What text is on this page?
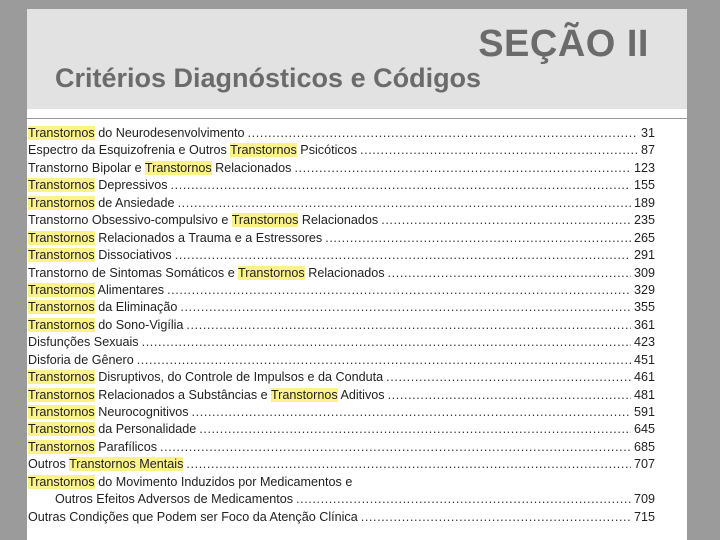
SEÇÃO II
Critérios Diagnósticos e Códigos
Transtornos do Neurodesenvolvimento .....	31
Espectro da Esquizofrenia e Outros Transtornos Psicóticos .....	87
Transtorno Bipolar e Transtornos Relacionados .....	123
Transtornos Depressivos .....	155
Transtornos de Ansiedade .....	189
Transtorno Obsessivo-compulsivo e Transtornos Relacionados .....	235
Transtornos Relacionados a Trauma e a Estressores .....	265
Transtornos Dissociativos .....	291
Transtorno de Sintomas Somáticos e Transtornos Relacionados .....	309
Transtornos Alimentares .....	329
Transtornos da Eliminação .....	355
Transtornos do Sono-Vigília .....	361
Disfunções Sexuais .....	423
Disforia de Gênero .....	451
Transtornos Disruptivos, do Controle de Impulsos e da Conduta .....	461
Transtornos Relacionados a Substâncias e Transtornos Aditivos .....	481
Transtornos Neurocognitivos .....	591
Transtornos da Personalidade .....	645
Transtornos Parafílicos .....	685
Outros Transtornos Mentais .....	707
Transtornos do Movimento Induzidos por Medicamentos e
Outros Efeitos Adversos de Medicamentos .....	709
Outras Condições que Podem ser Foco da Atenção Clínica .....	715
